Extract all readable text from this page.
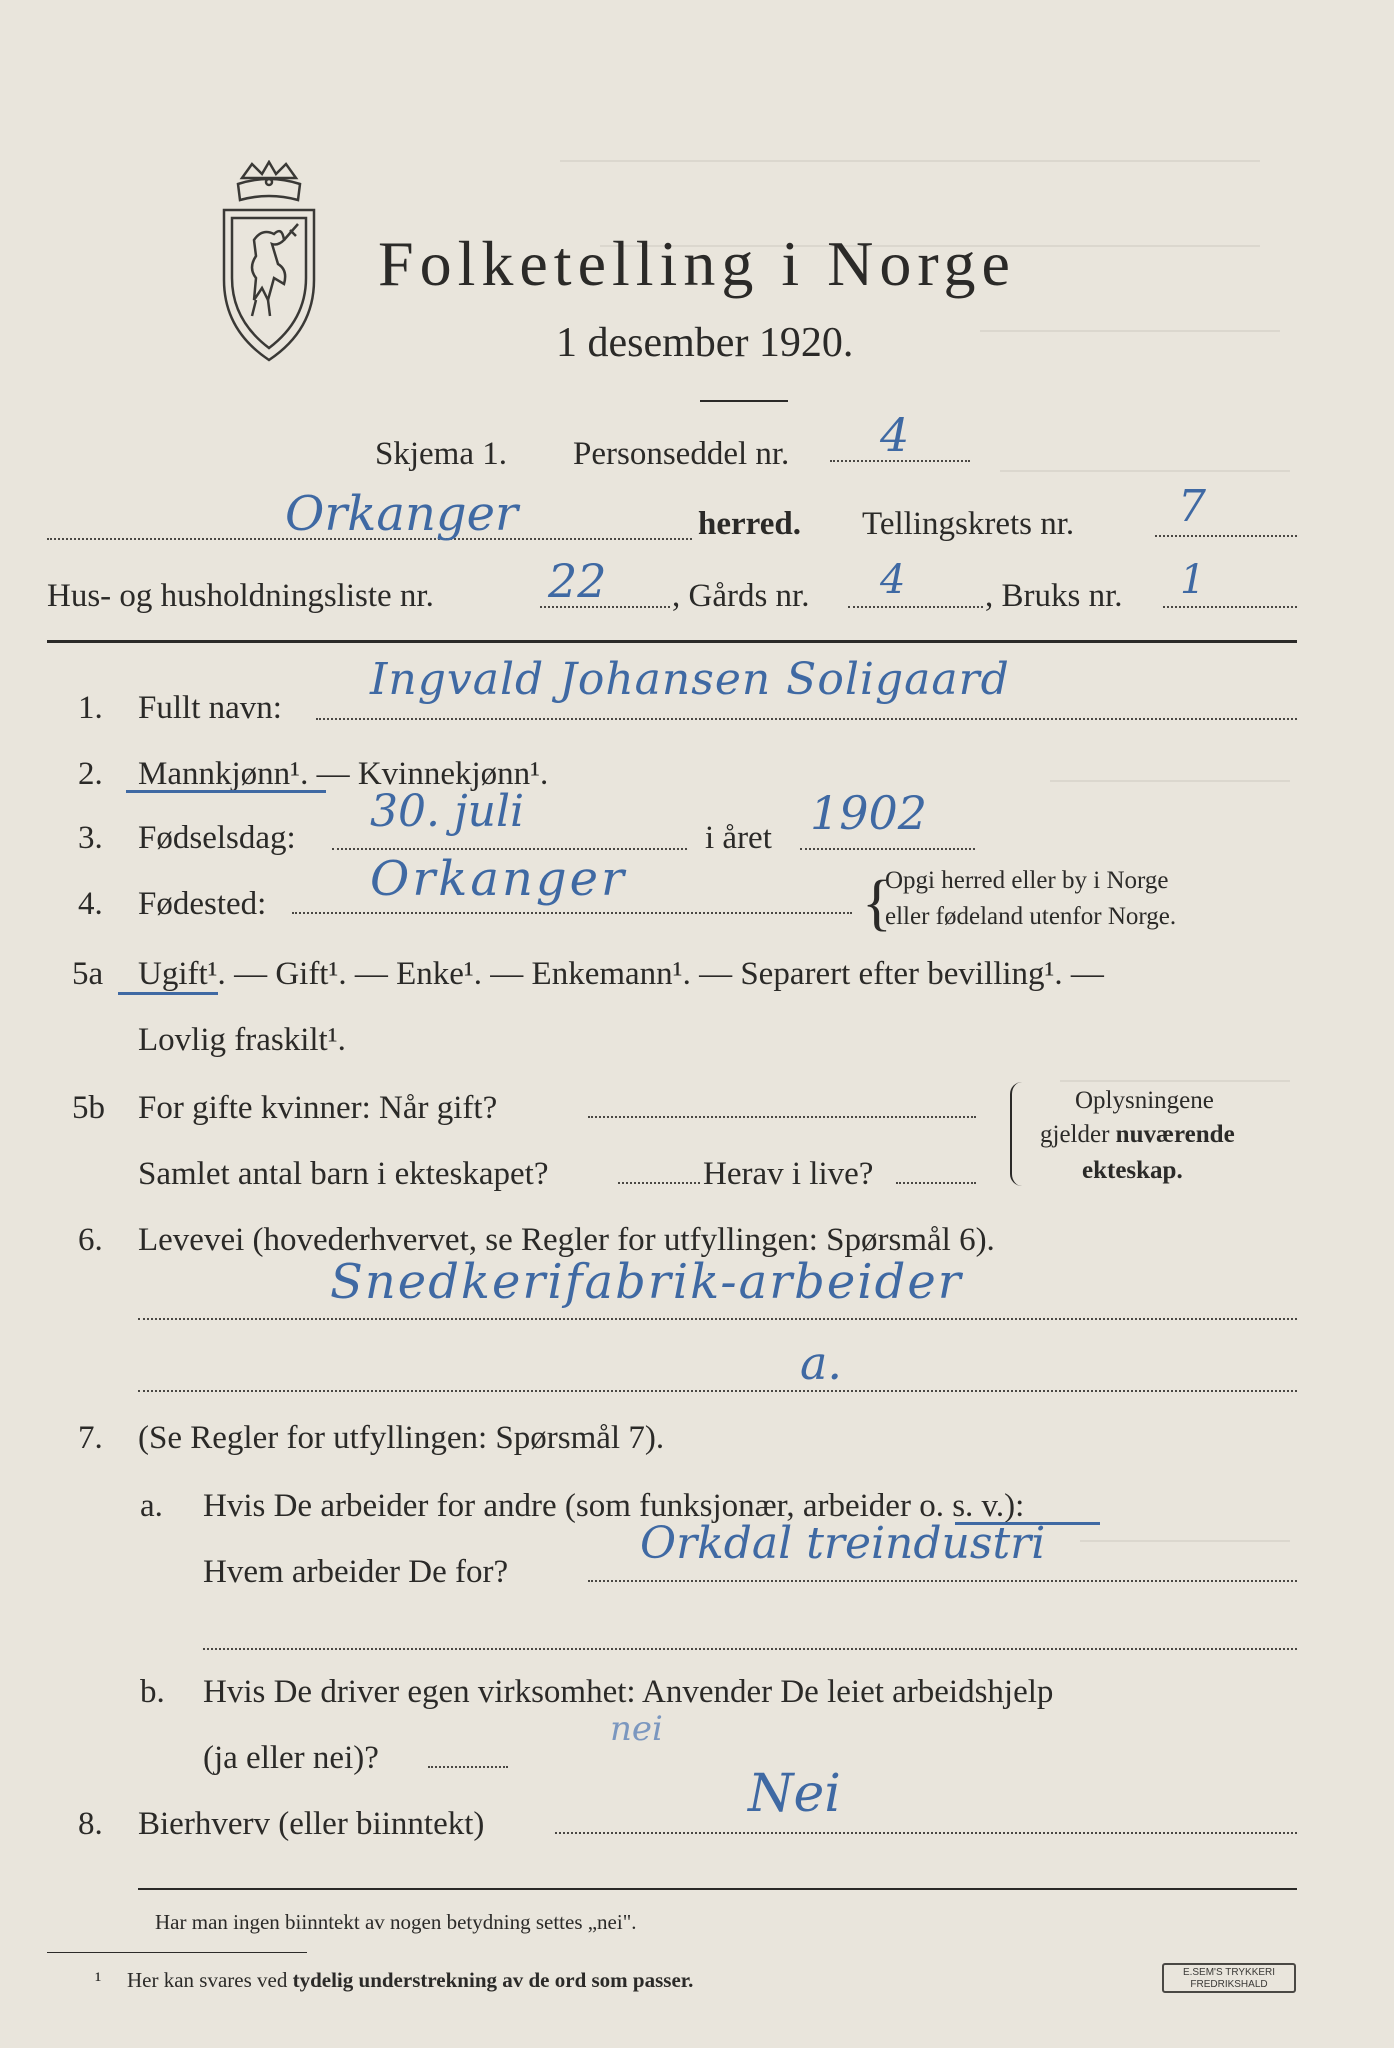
Folketelling i Norge
1 desember 1920.
Skjema 1. Personseddel nr. 4
Orkanger	herred. Tellingskrets nr. 7
Hus- og husholdningsliste nr. 22 , Gårds nr. 4 , Bruks nr. 1
1. Fullt navn:
Ingvald Johansen Soligaard
2. Mannkjønn¹. — Kvinnekjønn¹.
3. Fødselsdag:
30. juli
i året 1902
4. Fødested: Orkanger	{
Opgi herred eller by i Norge
eller fødeland utenfor Norge.
5a Ugift¹. — Gift¹. — Enke¹. — Enkemann¹. — Separert efter bevilling¹. —
Lovlig fraskilt¹.
5b For gifte kvinner: Når gift?
Samlet antal barn i ekteskapet?	Herav i live?
Oplysningene
gjelder nuværende
ekteskap.
6. Levevei (hovederhvervet, se Regler for utfyllingen: Spørsmål 6).
Snedkerifabrik-arbeider
a.
7. (Se Regler for utfyllingen: Spørsmål 7).
a. Hvis De arbeider for andre (som funksjonær, arbeider o. s. v.):
Hvem arbeider De for?
Orkdal treindustri
b. Hvis De driver egen virksomhet: Anvender De leiet arbeidshjelp
(ja eller nei)?
nei
8. Bierhverv (eller biinntekt)	Nei
Har man ingen biinntekt av nogen betydning settes „nei".
¹ Her kan svares ved tydelig understrekning av de ord som passer.	E.SEM'S TRYKKERI
FREDRIKSHALD
